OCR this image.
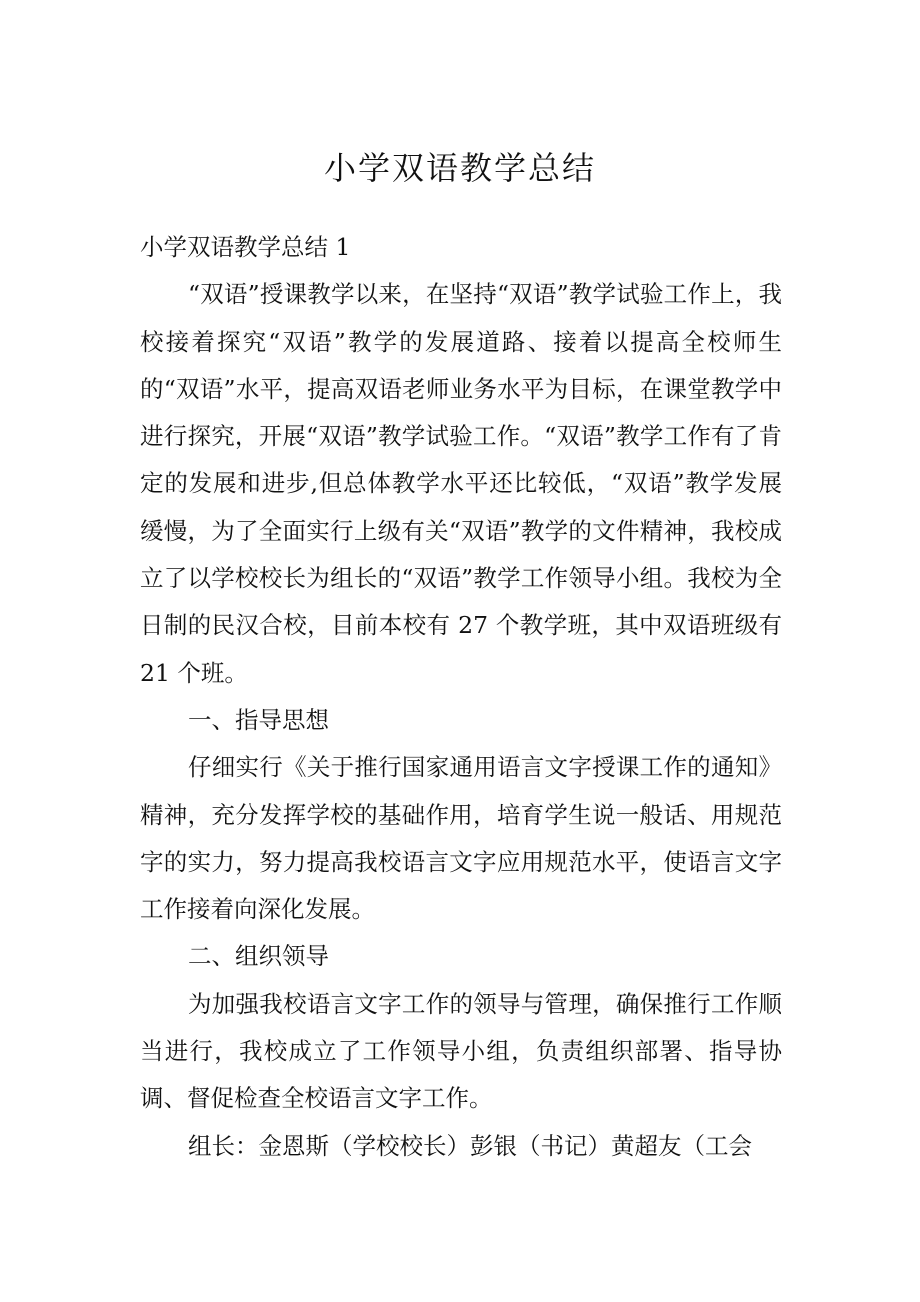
小学双语教学总结

小学双语教学总结 1

“双语”授课教学以来，在坚持“双语”教学试验工作上，我校接着探究“双语”教学的发展道路、接着以提高全校师生的“双语”水平，提高双语老师业务水平为目标，在课堂教学中进行探究，开展“双语”教学试验工作。“双语”教学工作有了肯定的发展和进步,但总体教学水平还比较低，“双语”教学发展缓慢，为了全面实行上级有关“双语”教学的文件精神，我校成立了以学校校长为组长的“双语”教学工作领导小组。我校为全日制的民汉合校，目前本校有 27 个教学班，其中双语班级有 21 个班。

一、指导思想

仔细实行《关于推行国家通用语言文字授课工作的通知》精神，充分发挥学校的基础作用，培育学生说一般话、用规范字的实力，努力提高我校语言文字应用规范水平，使语言文字工作接着向深化发展。

二、组织领导

为加强我校语言文字工作的领导与管理，确保推行工作顺当进行，我校成立了工作领导小组，负责组织部署、指导协调、督促检查全校语言文字工作。

组长：金恩斯（学校校长）彭银（书记）黄超友（工会
